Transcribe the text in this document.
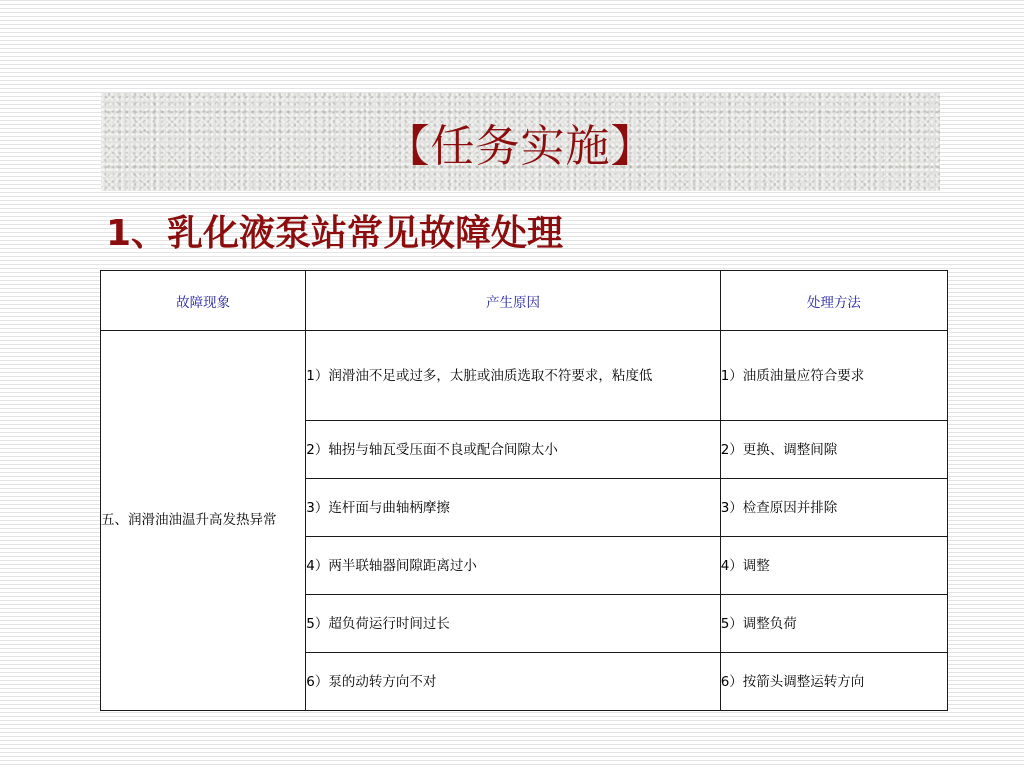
【任务实施】
1、乳化液泵站常见故障处理
故障现象	产生原因	处理方法

五、润滑油油温升高发热异常	1）润滑油不足或过多，太脏或油质选取不符要求，粘度低	1）油质油量应符合要求
	2）轴拐与轴瓦受压面不良或配合间隙太小	2）更换、调整间隙
	3）连杆面与曲轴柄摩擦	3）检查原因并排除
	4）两半联轴器间隙距离过小	4）调整
	5）超负荷运行时间过长	5）调整负荷
	6）泵的动转方向不对	6）按箭头调整运转方向
